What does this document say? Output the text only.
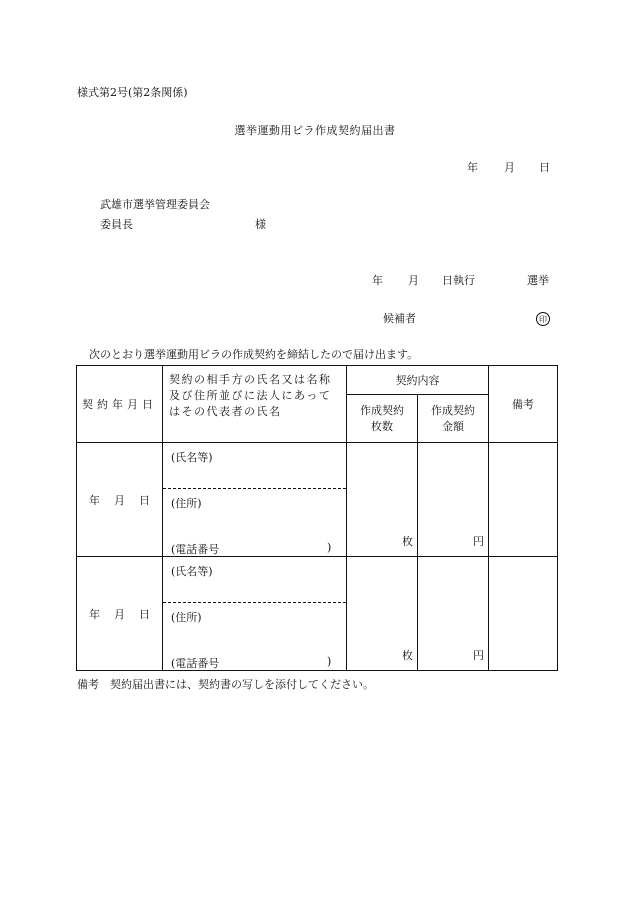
様式第2号(第2条関係)
選挙運動用ビラ作成契約届出書
年 月 日
武雄市選挙管理委員会
委員長	様
年 月 日執行	選挙
候補者	印
次のとおり選挙運動用ビラの作成契約を締結したので届け出ます。
契約年月日	契約の相手方の氏名又は名称及び住所並びに法人にあってはその代表者の氏名	契約内容		備考
		作成契約枚数	作成契約金額	
年 月 日	(氏名等)
(住所)
(電話番号 )	枚	円	

年 月 日	(氏名等)
(住所)
(電話番号 )	枚	円	

備考　契約届出書には、契約書の写しを添付してください。
